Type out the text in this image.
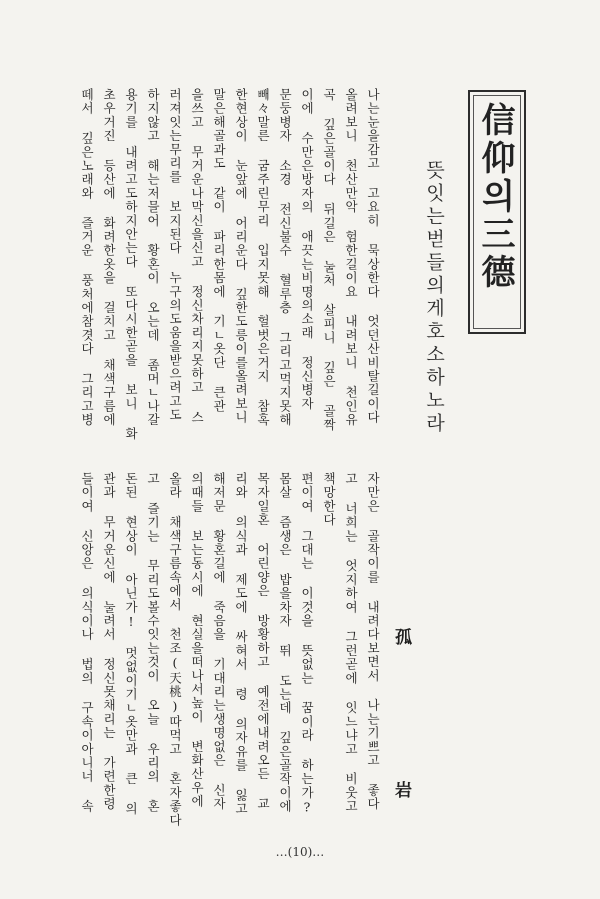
信仰의三德
뜻잇는벋들의게호소하노라
孤 岩
나는눈을감고 고요히 묵상한다 엇던산비탈길이다
올려보니 천산만악 험한길이요 내려보니 천인유
곡 깊은골이다 뒤길은 눌처 살피니 깊은 골짝
이에 수만은방자의 애끗는비명의소래 정신병자
문둥병자 소경 전신불수 혈루층 그리고먹지못해
빼々말른 굼주린무리 입지못해 헐벗은거지 참혹
한현상이 눈앞에 어리운다 깊한도릉이를올려보니
말은해골과도 같이 파리한몸에 기ㄴ옷단 큰관
을쓰고 무거운나막신을신고 정신차리지못하고 스
러져잇는무리를 보지된다 누구의도움을받으려고도
하지않고 해는저믈어 황혼이 오는데 좀머ㄴ나갈
용기를 내려고도하지안는다 또다시한곧을 보니 화
초우거진 등산에 화려한옷을 걸치고 채색구름에
떼서 깊은노래와 즐거운 풍처에참겻다 그리고병
자만은 골작이를 내려다보면서 나는기쁘고 좋다
고 너희는 엇지하여 그런곧에 잇느냐고 비웃고
책망한다
편이여 그대는 이것을 뜻없는 꿈이라 하는가?
몸살 즘생은 밥을차자 뛰 도는데 깊은골작이에
목자일혼 어린양은 방황하고 예전에내려오든 교
리와 의식과 제도에 싸혀서 령 의자유를 잃고
해저문 황혼길에 죽음을 기대리는생명없은 신자
의때들 보는동시에 현실을떠나서높이 변화산우에
올라 채색구름속에서 천조(天桃)따먹고 혼자좋다
고 즐기는 무리도볼수잇는것이 오늘 우리의 혼
돈된 현상이 아닌가! 멋없이기ㄴ옷만과 큰 의
관과 무거운신에 눌려서 정신못채리는 가련한령
들이여 신앙은 의식이나 법의 구속이아니너 속
…(10)…
